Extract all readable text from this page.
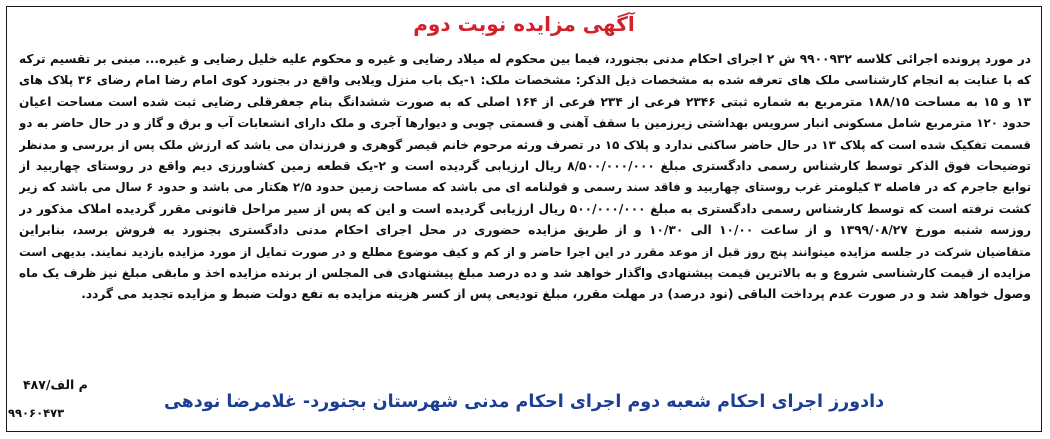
آگهی مزایده نوبت دوم
در مورد پرونده اجرائی کلاسه ۹۹۰۰۹۳۲ ش ۲ اجرای احکام مدنی بجنورد، فیما بین محکوم له میلاد رضایی و غیره و محکوم علیه خلیل رضایی و غیره... مبنی بر تقسیم ترکه
که با عنایت به انجام کارشناسی ملک های تعرفه شده به مشخصات ذیل الذکر: مشخصات ملک: ۱-یک باب منزل ویلایی واقع در بجنورد کوی امام رضا امام رضای ۳۶ پلاک های
۱۳ و ۱۵ به مساحت ۱۸۸/۱۵ مترمربع به شماره ثبتی ۲۳۴۶ فرعی از ۲۳۴ فرعی از ۱۶۴ اصلی که به صورت ششدانگ بنام جعفرقلی رضایی ثبت شده است مساحت اعیان
حدود ۱۲۰ مترمربع شامل مسکونی انبار سرویس بهداشتی زیرزمین با سقف آهنی و قسمتی چوبی و دیوارها آجری و ملک دارای انشعابات آب و برق و گاز و در حال حاضر به دو
قسمت تفکیک شده است که پلاک ۱۳ در حال حاضر ساکنی ندارد و پلاک ۱۵ در تصرف ورثه مرحوم خانم قیصر گوهری و فرزندان می باشد که ارزش ملک پس از بررسی و مدنظر
توضیحات فوق الذکر توسط کارشناس رسمی دادگستری مبلغ ۸/۵۰۰/۰۰۰/۰۰۰ ریال ارزیابی گردیده است و ۲-یک قطعه زمین کشاورزی دیم واقع در روستای چهاربید از
توابع جاجرم که در فاصله ۳ کیلومتر غرب روستای چهاربید و فاقد سند رسمی و قولنامه ای می باشد که مساحت زمین حدود ۲/۵ هکتار می باشد و حدود ۶ سال می باشد که زیر
کشت نرفته است که توسط کارشناس رسمی دادگستری به مبلغ ۵۰۰/۰۰۰/۰۰۰ ریال ارزیابی گردیده است و این که پس از سیر مراحل قانونی مقرر گردیده املاک مذکور در
روزسه شنبه مورخ ۱۳۹۹/۰۸/۲۷ و از ساعت ۱۰/۰۰ الی ۱۰/۳۰ و از طریق مزایده حضوری در محل اجرای احکام مدنی دادگستری بجنورد به فروش برسد، بنابراین
متقاضیان شرکت در جلسه مزایده میتوانند پنج روز قبل از موعد مقرر در این اجرا حاضر و از کم و کیف موضوع مطلع و در صورت تمایل از مورد مزایده بازدید نمایند. بدیهی است
مزایده از قیمت کارشناسی شروع و به بالاترین قیمت پیشنهادی واگذار خواهد شد و ده درصد مبلغ پیشنهادی فی المجلس از برنده مزایده اخذ و مابقی مبلغ نیز ظرف یک ماه
وصول خواهد شد و در صورت عدم پرداخت الباقی (نود درصد) در مهلت مقرر، مبلغ تودیعی پس از کسر هزینه مزایده به نفع دولت ضبط و مزایده تجدید می گردد.
م الف/۴۸۷
دادورز اجرای احکام شعبه دوم اجرای احکام مدنی شهرستان بجنورد- غلامرضا نودهی
۹۹۰۶۰۴۷۳
